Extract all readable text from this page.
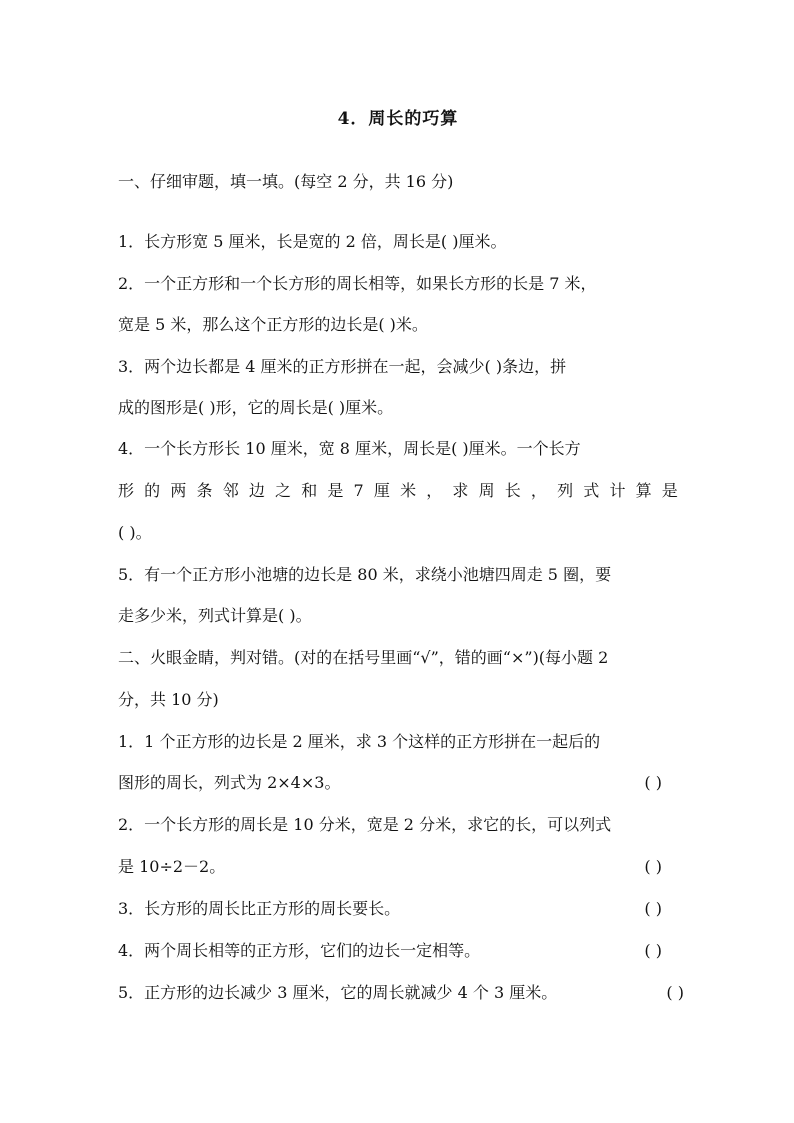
4．周长的巧算
一、仔细审题，填一填。(每空 2 分，共 16 分)
1．长方形宽 5 厘米，长是宽的 2 倍，周长是( )厘米。
2．一个正方形和一个长方形的周长相等，如果长方形的长是 7 米，
宽是 5 米，那么这个正方形的边长是( )米。
3．两个边长都是 4 厘米的正方形拼在一起，会减少( )条边，拼
成的图形是( )形，它的周长是( )厘米。
4．一个长方形长 10 厘米，宽 8 厘米，周长是( )厘米。一个长方
形 的 两 条 邻 边 之 和 是 7 厘 米 ， 求 周 长 ， 列 式 计 算 是
( )。
5．有一个正方形小池塘的边长是 80 米，求绕小池塘四周走 5 圈，要
走多少米，列式计算是( )。
二、火眼金睛，判对错。(对的在括号里画“√”，错的画“×”)(每小题 2
分，共 10 分)
1．1 个正方形的边长是 2 厘米，求 3 个这样的正方形拼在一起后的
图形的周长，列式为 2×4×3。	( )
2．一个长方形的周长是 10 分米，宽是 2 分米，求它的长，可以列式
是 10÷2－2。	( )
3．长方形的周长比正方形的周长要长。	( )
4．两个周长相等的正方形，它们的边长一定相等。	( )
5．正方形的边长减少 3 厘米，它的周长就减少 4 个 3 厘米。	( )
